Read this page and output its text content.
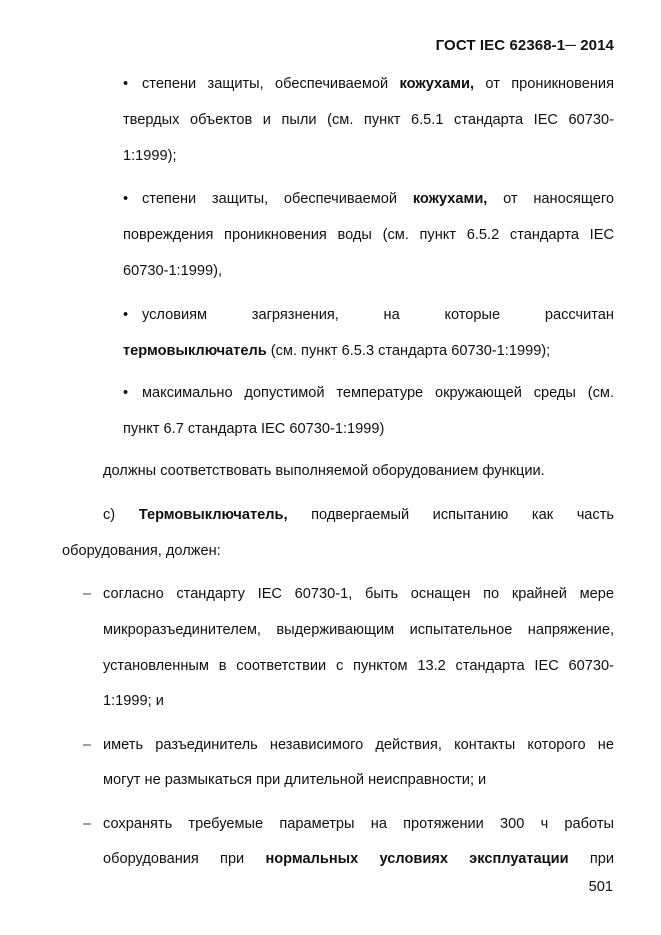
ГОСТ IEC 62368-1─ 2014
• степени защиты, обеспечиваемой кожухами, от проникновения
твердых объектов и пыли (см. пункт 6.5.1 стандарта IEC 60730-
1:1999);
• степени защиты, обеспечиваемой кожухами, от наносящего
повреждения проникновения воды (см. пункт 6.5.2 стандарта IEC
60730-1:1999),
• условиям загрязнения, на которые рассчитан
термовыключатель (см. пункт 6.5.3 стандарта 60730-1:1999);
• максимально допустимой температуре окружающей среды (см.
пункт 6.7 стандарта IEC 60730-1:1999)
должны соответствовать выполняемой оборудованием функции.
с) Термовыключатель, подвергаемый испытанию как часть
оборудования, должен:
– согласно стандарту IEC 60730-1, быть оснащен по крайней мере
микроразъединителем, выдерживающим испытательное напряжение,
установленным в соответствии с пунктом 13.2 стандарта IEC 60730-
1:1999; и
– иметь разъединитель независимого действия, контакты которого не
могут не размыкаться при длительной неисправности; и
– сохранять требуемые параметры на протяжении 300 ч работы
оборудования при нормальных условиях эксплуатации при
501
